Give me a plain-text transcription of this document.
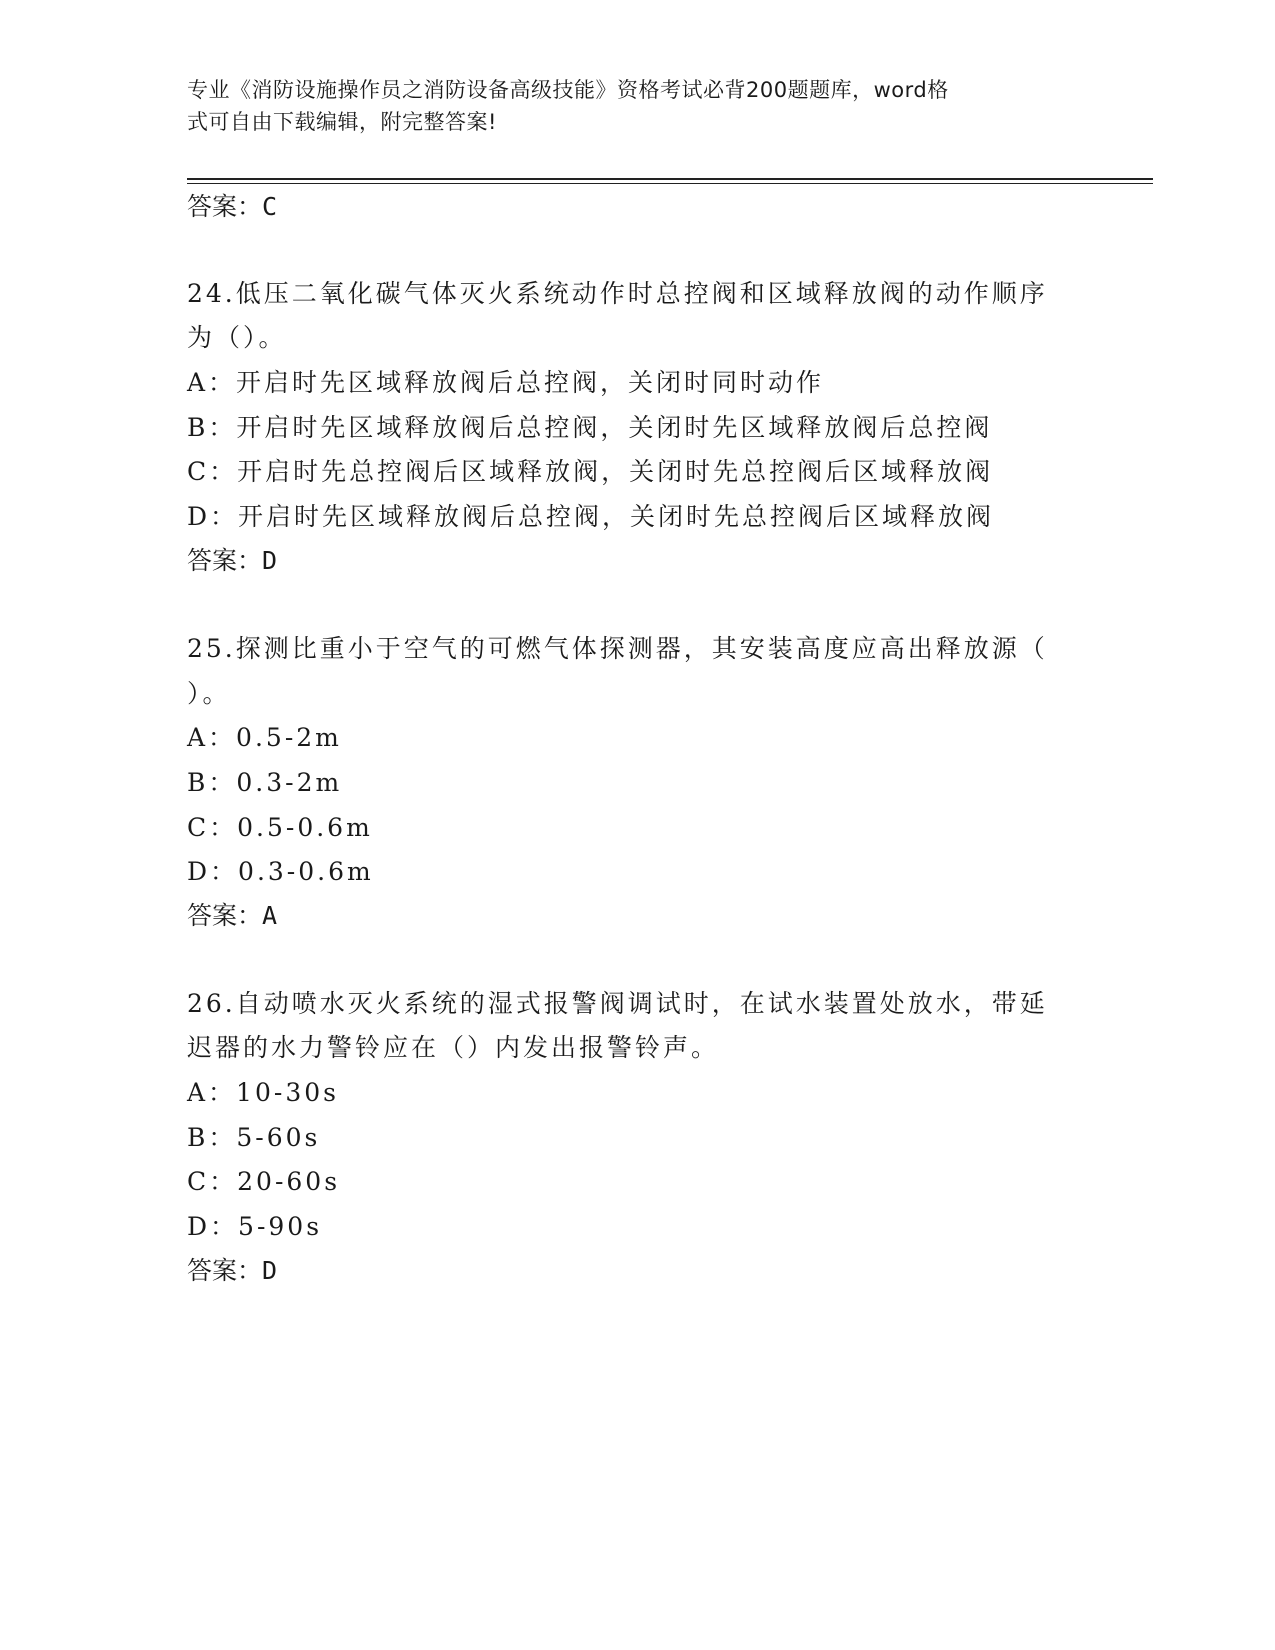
专业《消防设施操作员之消防设备高级技能》资格考试必背200题题库，word格
式可自由下载编辑，附完整答案!
答案：C
24.低压二氧化碳气体灭火系统动作时总控阀和区域释放阀的动作顺序
为（）。
A：开启时先区域释放阀后总控阀，关闭时同时动作
B：开启时先区域释放阀后总控阀，关闭时先区域释放阀后总控阀
C：开启时先总控阀后区域释放阀，关闭时先总控阀后区域释放阀
D：开启时先区域释放阀后总控阀，关闭时先总控阀后区域释放阀
答案：D
25.探测比重小于空气的可燃气体探测器，其安装高度应高出释放源（
）。
A：0.5-2m
B：0.3-2m
C：0.5-0.6m
D：0.3-0.6m
答案：A
26.自动喷水灭火系统的湿式报警阀调试时，在试水装置处放水，带延
迟器的水力警铃应在（）内发出报警铃声。
A：10-30s
B：5-60s
C：20-60s
D：5-90s
答案：D
